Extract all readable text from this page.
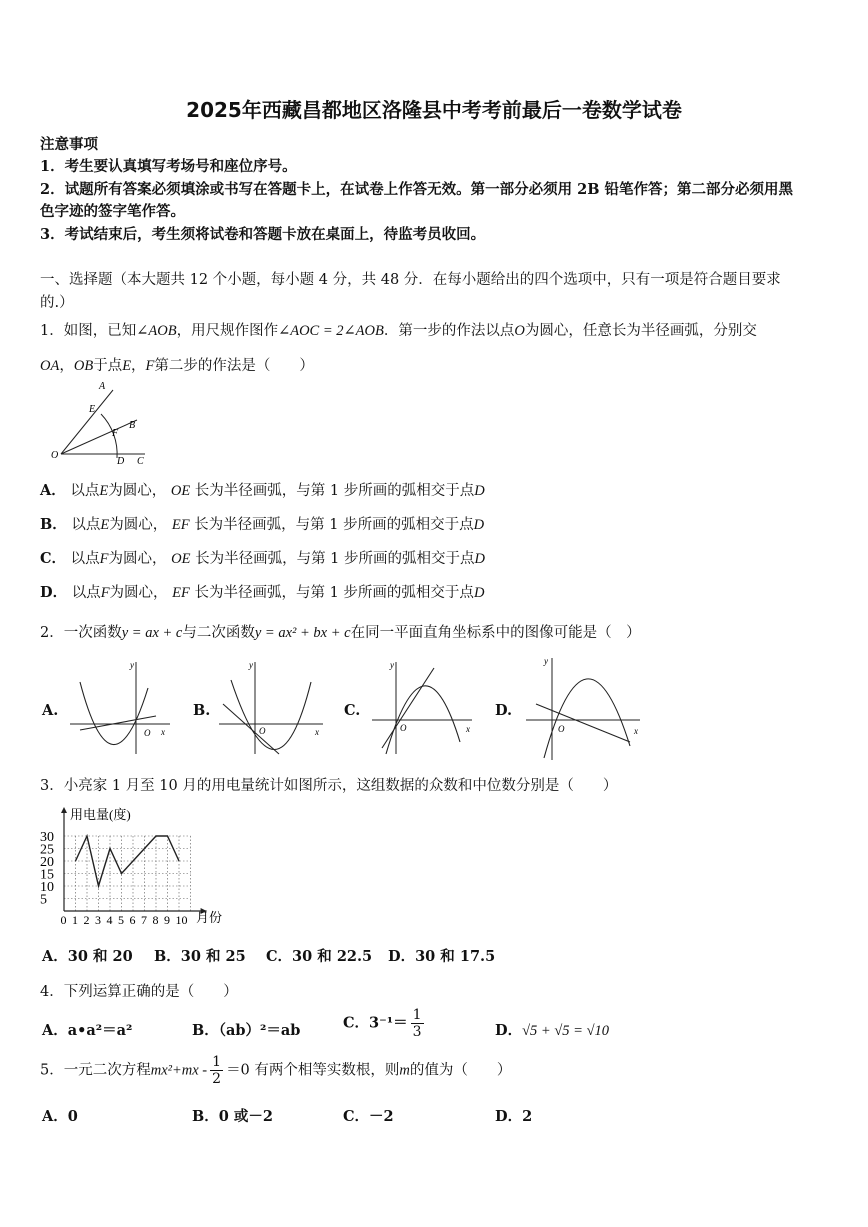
2025年西藏昌都地区洛隆县中考考前最后一卷数学试卷
注意事项
1．考生要认真填写考场号和座位序号。
2．试题所有答案必须填涂或书写在答题卡上，在试卷上作答无效。第一部分必须用 2B 铅笔作答；第二部分必须用黑
色字迹的签字笔作答。
3．考试结束后，考生须将试卷和答题卡放在桌面上，待监考员收回。
一、选择题（本大题共 12 个小题，每小题 4 分，共 48 分．在每小题给出的四个选项中，只有一项是符合题目要求
的.）
1．如图，已知∠AOB，用尺规作图作∠AOC = 2∠AOB．第一步的作法以点O为圆心，任意长为半径画弧，分别交
OA，OB于点E，F第二步的作法是（　　）
A
E
B
F
O
D C
A． 以点E为圆心， OE 长为半径画弧，与第 1 步所画的弧相交于点D
B． 以点E为圆心， EF 长为半径画弧，与第 1 步所画的弧相交于点D
C． 以点F为圆心， OE 长为半径画弧，与第 1 步所画的弧相交于点D
D． 以点F为圆心， EF 长为半径画弧，与第 1 步所画的弧相交于点D
2．一次函数y = ax + c与二次函数y = ax² + bx + c在同一平面直角坐标系中的图像可能是（　）
A.
y
x
O
B.
y
x
O
C.
y
x
O
D.
y
x
O
3．小亮家 1 月至 10 月的用电量统计如图所示，这组数据的众数和中位数分别是（　　）
5
10
15
20
25
30
0 1 2 3 4 5 6 7 8 9 10
用电量(度)
月份
A．30 和 20 B．30 和 25 C．30 和 22.5 D．30 和 17.5
4．下列运算正确的是（　　）
A．a•a²＝a²	B．（ab）²＝ab	C．$3^{-1}= \frac{1}{3}$	D．√5 + √5 = √10
5．一元二次方程$mx^2+mx - \frac{1}{2} =0$ 有两个相等实数根，则m的值为（　　）
A．0	B．0 或－2	C．－2	D．2
